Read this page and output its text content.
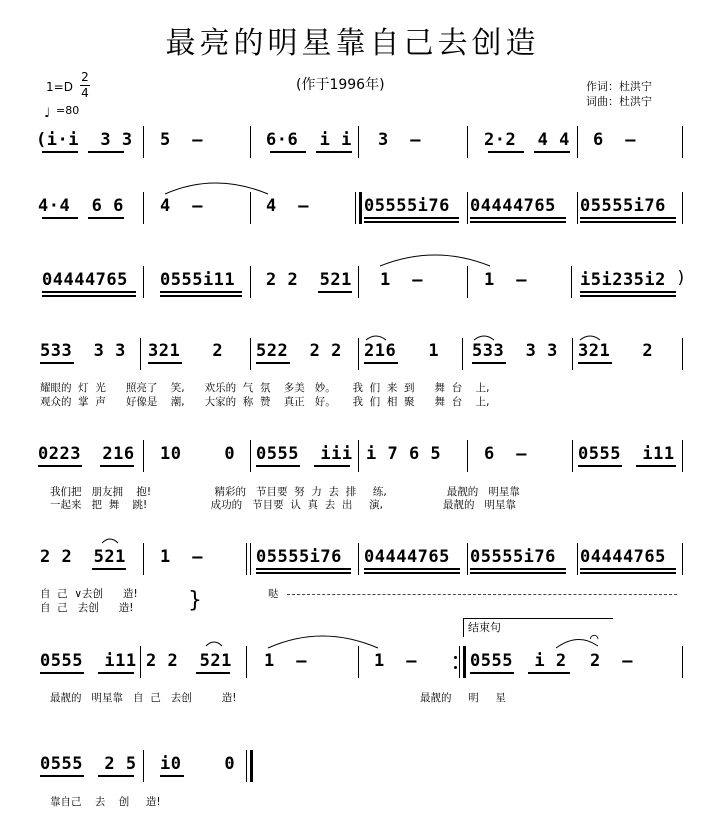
最亮的明星靠自己去创造
(作于1996年)	作词：杜洪宁
词曲：杜洪宁
1=D
2
4
♩ =80
(i·i  3 3 5  —	6·6  i i 3  —	2·2  4 4 6  —
4·4  6 6 4  —	4  —	05555i76 04444765 05555i76
04444765 0555i11 2 2  521 1  —	1  —	i5i235i2 )
533  3 3 321   2 522  2 2 216   1 533  3 3 321   2
耀眼的  灯  光      照亮了    笑,      欢乐的  气  氛    多美   妙。     我  们  来  到      舞  台    上,
观众的  掌  声      好像是    潮,      大家的  称  赞    真正   好。     我  们  相  聚      舞  台    上,
0223  216 10    0 0555  iii i 7 6 5	6  —	0555  i11
我们把   朋友拥    抱!                   精彩的   节目要  努  力  去  排     练,                  最靓的   明星靠
一起来   把  舞    跳!                   成功的   节目要  认  真  去  出     演,                  最靓的   明星靠
2 2  521 1  —	05555i76 04444765 05555i76 04444765
自  己  ∨去创      造!
自  己   去创      造! }	哒
结束句
0555  i11 2 2  521 1  —	1  —	0555  i 2 2  —
⌒
最靓的   明星靠   自  己   去创         造!                                                       最靓的     明     星
0555  2 5 i0    0
靠自己    去    创     造!
